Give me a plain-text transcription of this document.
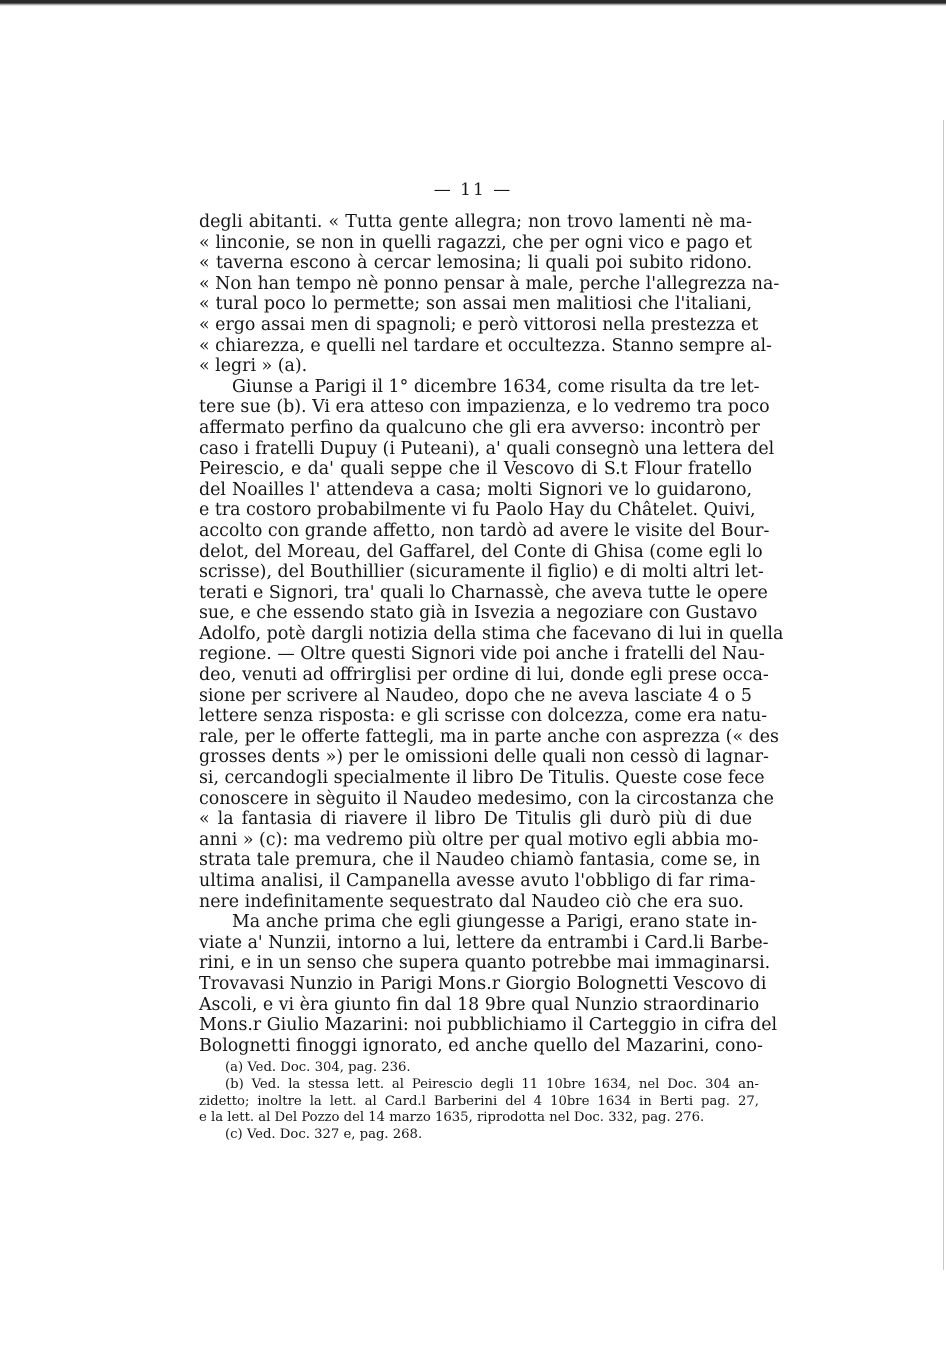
— 11 —
degli abitanti. « Tutta gente allegra; non trovo lamenti nè ma-
« linconie, se non in quelli ragazzi, che per ogni vico e pago et
« taverna escono à cercar lemosina; li quali poi subito ridono.
« Non han tempo nè ponno pensar à male, perche l'allegrezza na-
« tural poco lo permette; son assai men malitiosi che l'italiani,
« ergo assai men di spagnoli; e però vittorosi nella prestezza et
« chiarezza, e quelli nel tardare et occultezza. Stanno sempre al-
« legri » (a).
Giunse a Parigi il 1° dicembre 1634, come risulta da tre let-
tere sue (b). Vi era atteso con impazienza, e lo vedremo tra poco
affermato perfino da qualcuno che gli era avverso: incontrò per
caso i fratelli Dupuy (i Puteani), a' quali consegnò una lettera del
Peirescio, e da' quali seppe che il Vescovo di S.t Flour fratello
del Noailles l' attendeva a casa; molti Signori ve lo guidarono,
e tra costoro probabilmente vi fu Paolo Hay du Châtelet. Quivi,
accolto con grande affetto, non tardò ad avere le visite del Bour-
delot, del Moreau, del Gaffarel, del Conte di Ghisa (come egli lo
scrisse), del Bouthillier (sicuramente il figlio) e di molti altri let-
terati e Signori, tra' quali lo Charnassè, che aveva tutte le opere
sue, e che essendo stato già in Isvezia a negoziare con Gustavo
Adolfo, potè dargli notizia della stima che facevano di lui in quella
regione. — Oltre questi Signori vide poi anche i fratelli del Nau-
deo, venuti ad offrirglisi per ordine di lui, donde egli prese occa-
sione per scrivere al Naudeo, dopo che ne aveva lasciate 4 o 5
lettere senza risposta: e gli scrisse con dolcezza, come era natu-
rale, per le offerte fattegli, ma in parte anche con asprezza (« des
grosses dents ») per le omissioni delle quali non cessò di lagnar-
si, cercandogli specialmente il libro De Titulis. Queste cose fece
conoscere in sèguito il Naudeo medesimo, con la circostanza che
« la fantasia di riavere il libro De Titulis gli durò più di due
anni » (c): ma vedremo più oltre per qual motivo egli abbia mo-
strata tale premura, che il Naudeo chiamò fantasia, come se, in
ultima analisi, il Campanella avesse avuto l'obbligo di far rima-
nere indefinitamente sequestrato dal Naudeo ciò che era suo.
Ma anche prima che egli giungesse a Parigi, erano state in-
viate a' Nunzii, intorno a lui, lettere da entrambi i Card.li Barbe-
rini, e in un senso che supera quanto potrebbe mai immaginarsi.
Trovavasi Nunzio in Parigi Mons.r Giorgio Bolognetti Vescovo di
Ascoli, e vi èra giunto fin dal 18 9bre qual Nunzio straordinario
Mons.r Giulio Mazarini: noi pubblichiamo il Carteggio in cifra del
Bolognetti finoggi ignorato, ed anche quello del Mazarini, cono-
(a) Ved. Doc. 304, pag. 236.
(b) Ved. la stessa lett. al Peirescio degli 11 10bre 1634, nel Doc. 304 an-
zidetto; inoltre la lett. al Card.l Barberini del 4 10bre 1634 in Berti pag. 27,
e la lett. al Del Pozzo del 14 marzo 1635, riprodotta nel Doc. 332, pag. 276.
(c) Ved. Doc. 327 e, pag. 268.
